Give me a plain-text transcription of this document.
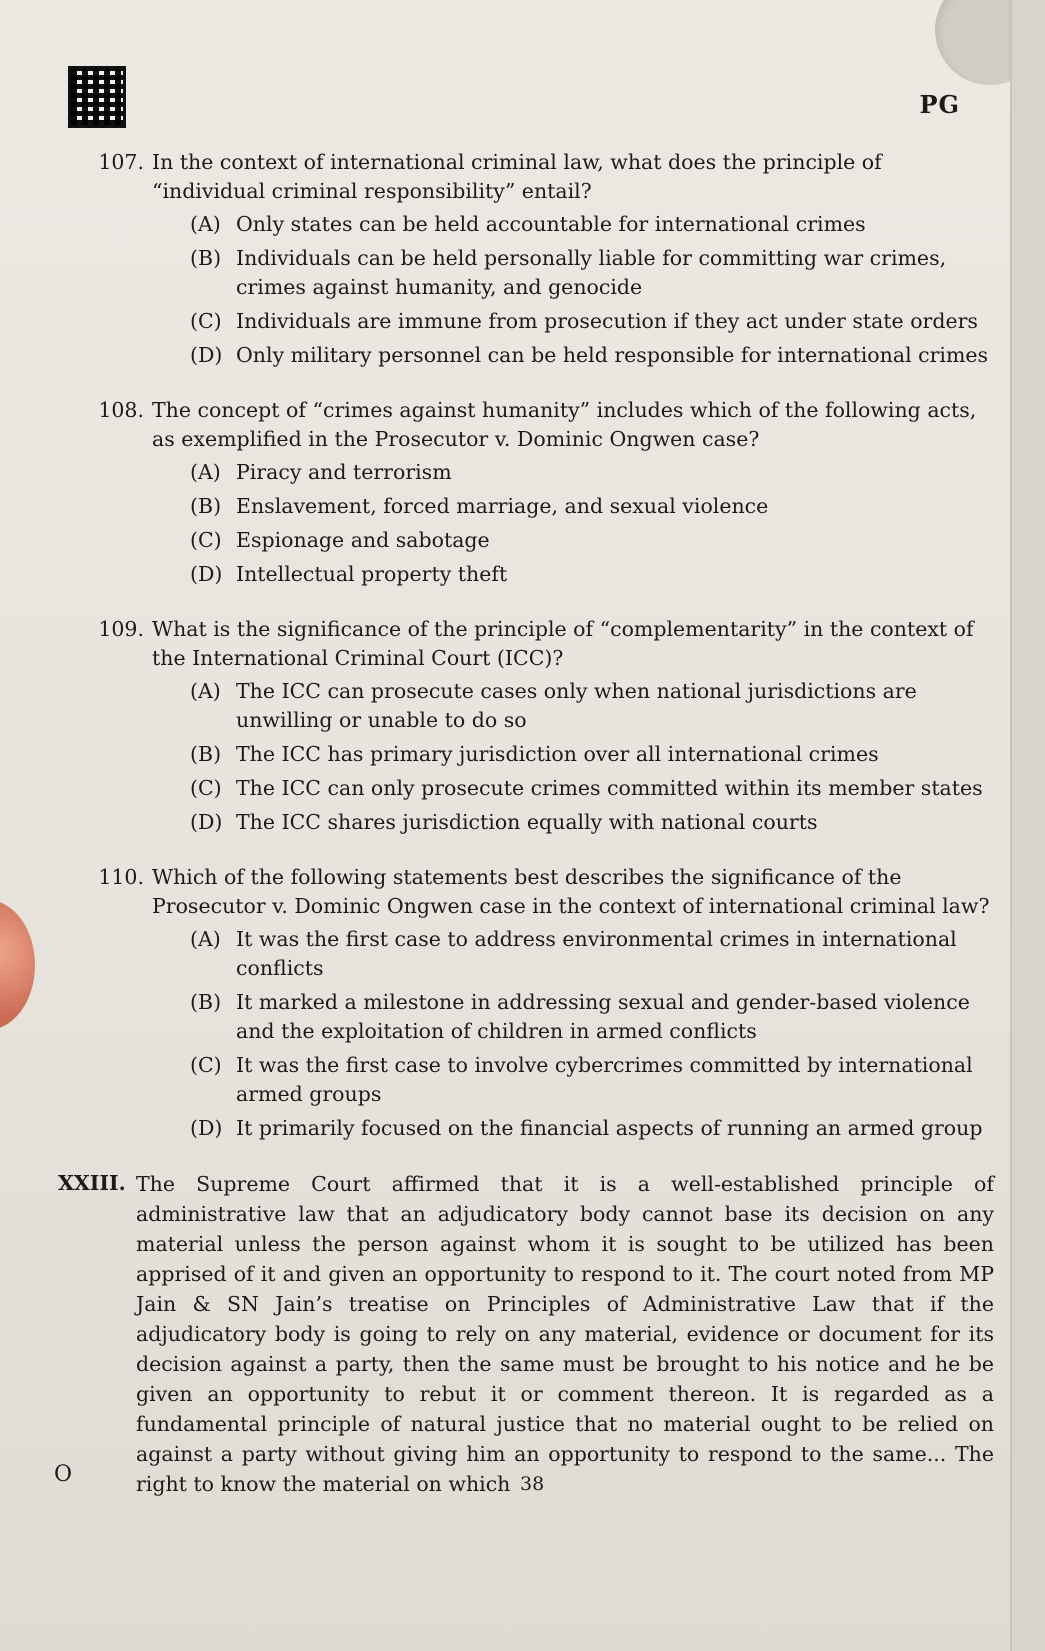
PG
107. In the context of international criminal law, what does the principle of “individual criminal responsibility” entail?
(A) Only states can be held accountable for international crimes
(B) Individuals can be held personally liable for committing war crimes, crimes against humanity, and genocide
(C) Individuals are immune from prosecution if they act under state orders
(D) Only military personnel can be held responsible for international crimes
108. The concept of “crimes against humanity” includes which of the following acts, as exemplified in the Prosecutor v. Dominic Ongwen case?
(A) Piracy and terrorism
(B) Enslavement, forced marriage, and sexual violence
(C) Espionage and sabotage
(D) Intellectual property theft
109. What is the significance of the principle of “complementarity” in the context of the International Criminal Court (ICC)?
(A) The ICC can prosecute cases only when national jurisdictions are unwilling or unable to do so
(B) The ICC has primary jurisdiction over all international crimes
(C) The ICC can only prosecute crimes committed within its member states
(D) The ICC shares jurisdiction equally with national courts
110. Which of the following statements best describes the significance of the Prosecutor v. Dominic Ongwen case in the context of international criminal law?
(A) It was the first case to address environmental crimes in international conflicts
(B) It marked a milestone in addressing sexual and gender-based violence and the exploitation of children in armed conflicts
(C) It was the first case to involve cybercrimes committed by international armed groups
(D) It primarily focused on the financial aspects of running an armed group
XXIII. The Supreme Court affirmed that it is a well-established principle of administrative law that an adjudicatory body cannot base its decision on any material unless the person against whom it is sought to be utilized has been apprised of it and given an opportunity to respond to it. The court noted from MP Jain & SN Jain’s treatise on Principles of Administrative Law that if the adjudicatory body is going to rely on any material, evidence or document for its decision against a party, then the same must be brought to his notice and he be given an opportunity to rebut it or comment thereon. It is regarded as a fundamental principle of natural justice that no material ought to be relied on against a party without giving him an opportunity to respond to the same... The right to know the material on which
O	38
